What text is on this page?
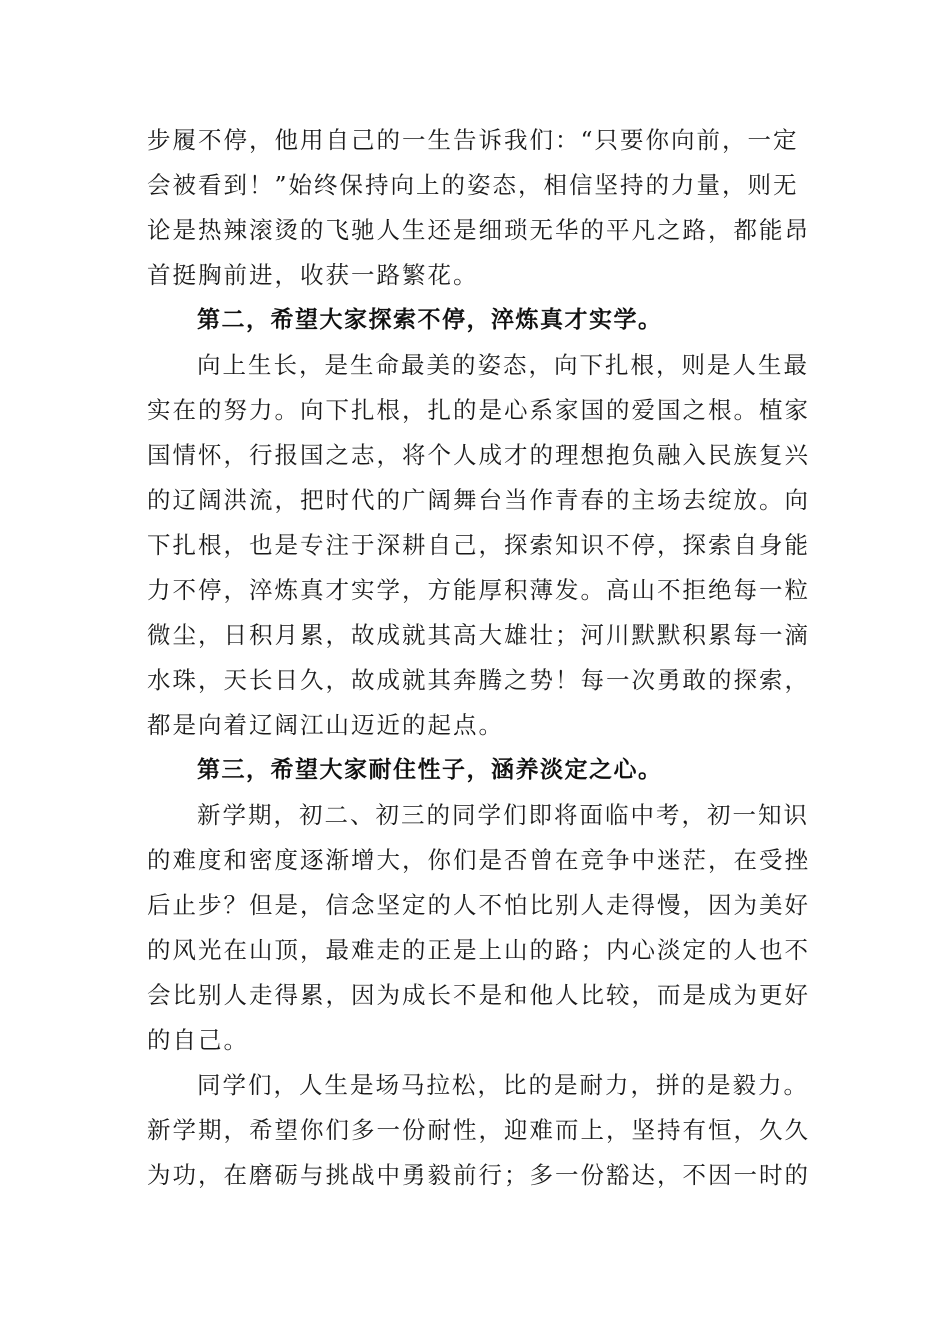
步履不停，他用自己的一生告诉我们：“只要你向前，一定
会被看到！”始终保持向上的姿态，相信坚持的力量，则无
论是热辣滚烫的飞驰人生还是细琐无华的平凡之路，都能昂
首挺胸前进，收获一路繁花。
第二，希望大家探索不停，淬炼真才实学。
向上生长，是生命最美的姿态，向下扎根，则是人生最
实在的努力。向下扎根，扎的是心系家国的爱国之根。植家
国情怀，行报国之志，将个人成才的理想抱负融入民族复兴
的辽阔洪流，把时代的广阔舞台当作青春的主场去绽放。向
下扎根，也是专注于深耕自己，探索知识不停，探索自身能
力不停，淬炼真才实学，方能厚积薄发。高山不拒绝每一粒
微尘，日积月累，故成就其高大雄壮；河川默默积累每一滴
水珠，天长日久，故成就其奔腾之势！每一次勇敢的探索，
都是向着辽阔江山迈近的起点。
第三，希望大家耐住性子，涵养淡定之心。
新学期，初二、初三的同学们即将面临中考，初一知识
的难度和密度逐渐增大，你们是否曾在竞争中迷茫，在受挫
后止步？但是，信念坚定的人不怕比别人走得慢，因为美好
的风光在山顶，最难走的正是上山的路；内心淡定的人也不
会比别人走得累，因为成长不是和他人比较，而是成为更好
的自己。
同学们，人生是场马拉松，比的是耐力，拼的是毅力。
新学期，希望你们多一份耐性，迎难而上，坚持有恒，久久
为功，在磨砺与挑战中勇毅前行；多一份豁达，不因一时的
